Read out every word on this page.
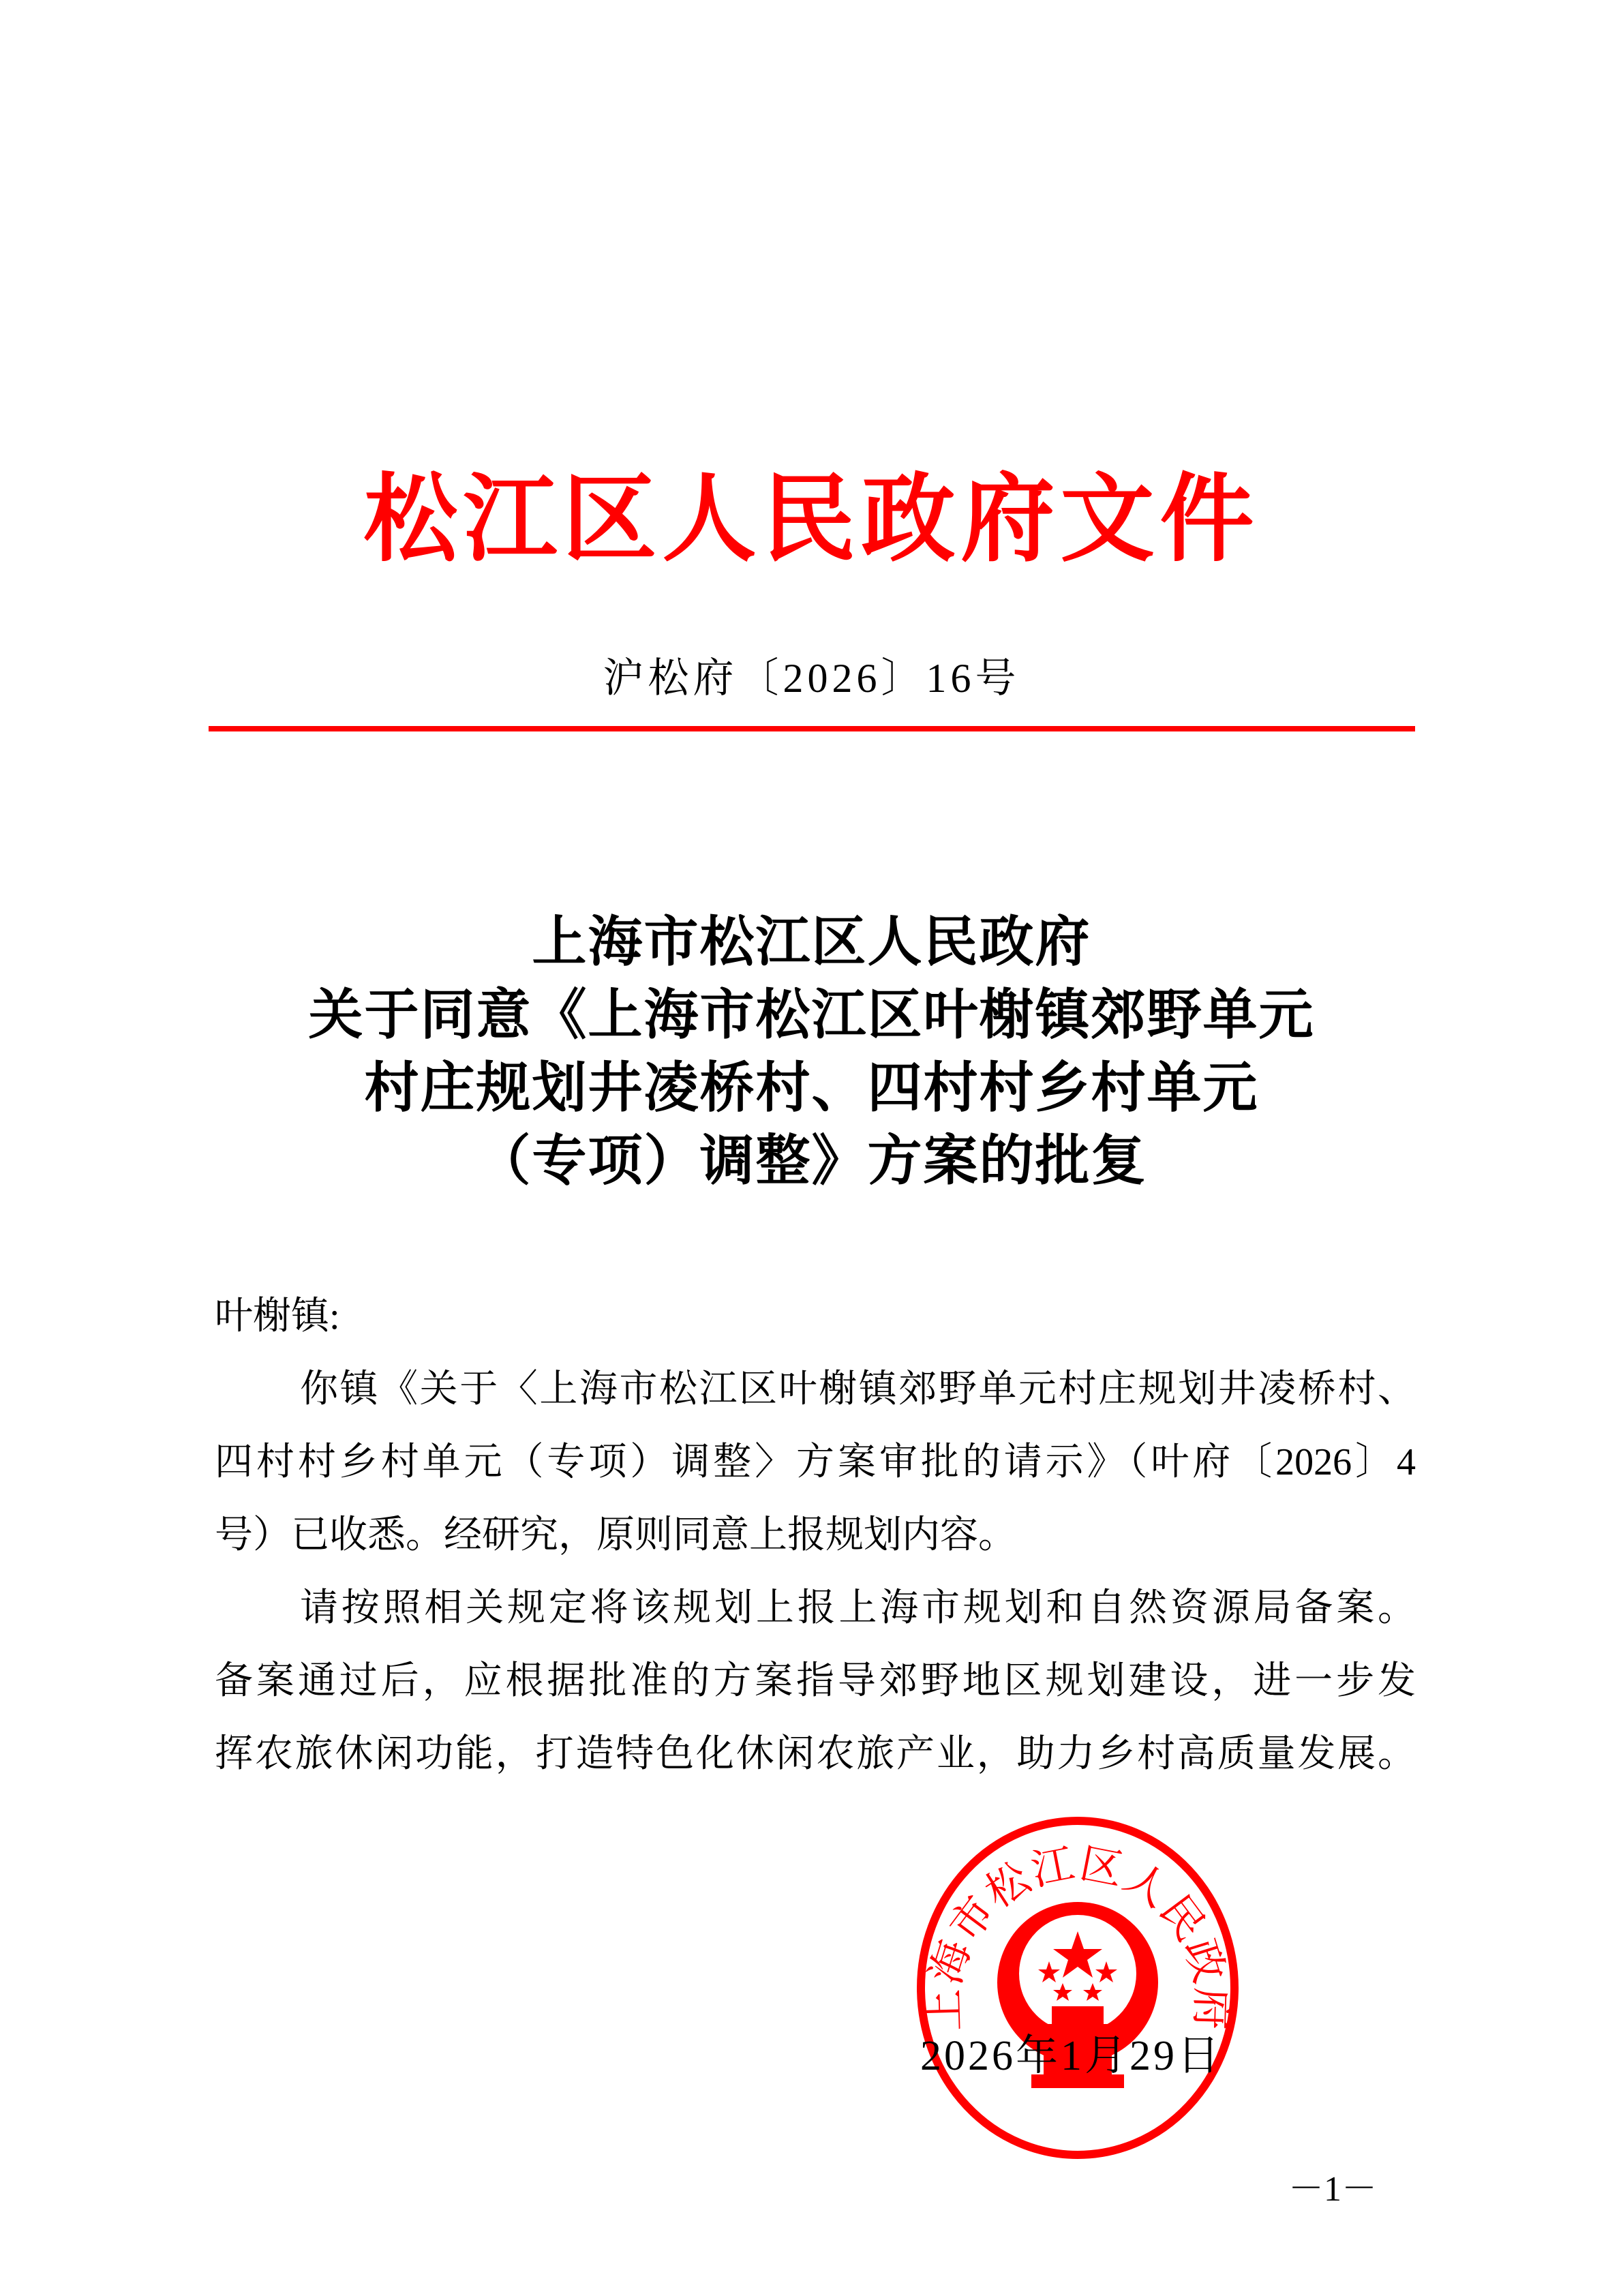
松江区人民政府文件
沪松府〔2026〕16号
上海市松江区人民政府
关于同意《上海市松江区叶榭镇郊野单元
村庄规划井凌桥村、四村村乡村单元
（专项）调整》方案的批复
叶榭镇:
你镇《关于〈上海市松江区叶榭镇郊野单元村庄规划井凌桥村、
四村村乡村单元（专项）调整〉方案审批的请示》（叶府〔2026〕4
号）已收悉。经研究，原则同意上报规划内容。
请按照相关规定将该规划上报上海市规划和自然资源局备案。
备案通过后，应根据批准的方案指导郊野地区规划建设，进一步发
挥农旅休闲功能，打造特色化休闲农旅产业，助力乡村高质量发展。
上海市松江区人民政府
2026年1月29日
－1－
